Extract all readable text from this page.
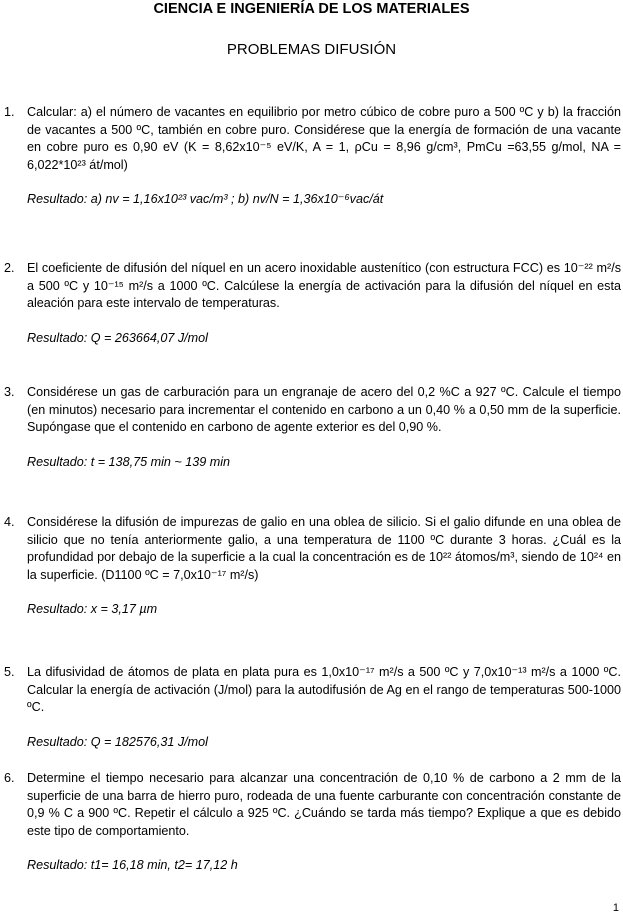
CIENCIA E INGENIERÍA DE LOS MATERIALES
PROBLEMAS DIFUSIÓN
1. Calcular: a) el número de vacantes en equilibrio por metro cúbico de cobre puro a 500 ºC y b) la fracción de vacantes a 500 ºC, también en cobre puro. Considérese que la energía de formación de una vacante en cobre puro es 0,90 eV (K = 8,62x10⁻⁵ eV/K, A = 1, ρCu = 8,96 g/cm³, PmCu =63,55 g/mol, NA = 6,022*10²³ át/mol)
Resultado: a) nv = 1,16x10²³ vac/m³ ; b) nv/N = 1,36x10⁻⁶vac/át
2. El coeficiente de difusión del níquel en un acero inoxidable austenítico (con estructura FCC) es 10⁻²² m²/s a 500 ºC y 10⁻¹⁵ m²/s a 1000 ºC. Calcúlese la energía de activación para la difusión del níquel en esta aleación para este intervalo de temperaturas.
Resultado: Q = 263664,07 J/mol
3. Considérese un gas de carburación para un engranaje de acero del 0,2 %C a 927 ºC. Calcule el tiempo (en minutos) necesario para incrementar el contenido en carbono a un 0,40 % a 0,50 mm de la superficie. Supóngase que el contenido en carbono de agente exterior es del 0,90 %.
Resultado: t = 138,75 min ~ 139 min
4. Considérese la difusión de impurezas de galio en una oblea de silicio. Si el galio difunde en una oblea de silicio que no tenía anteriormente galio, a una temperatura de 1100 ºC durante 3 horas. ¿Cuál es la profundidad por debajo de la superficie a la cual la concentración es de 10²² átomos/m³, siendo de 10²⁴ en la superficie. (D1100 ºC = 7,0x10⁻¹⁷ m²/s)
Resultado: x = 3,17 µm
5. La difusividad de átomos de plata en plata pura es 1,0x10⁻¹⁷ m²/s a 500 ºC y 7,0x10⁻¹³ m²/s a 1000 ºC. Calcular la energía de activación (J/mol) para la autodifusión de Ag en el rango de temperaturas 500-1000 ºC.
Resultado: Q = 182576,31 J/mol
6. Determine el tiempo necesario para alcanzar una concentración de 0,10 % de carbono a 2 mm de la superficie de una barra de hierro puro, rodeada de una fuente carburante con concentración constante de 0,9 % C a 900 ºC. Repetir el cálculo a 925 ºC. ¿Cuándo se tarda más tiempo? Explique a que es debido este tipo de comportamiento.
Resultado: t1= 16,18 min, t2= 17,12 h
1
